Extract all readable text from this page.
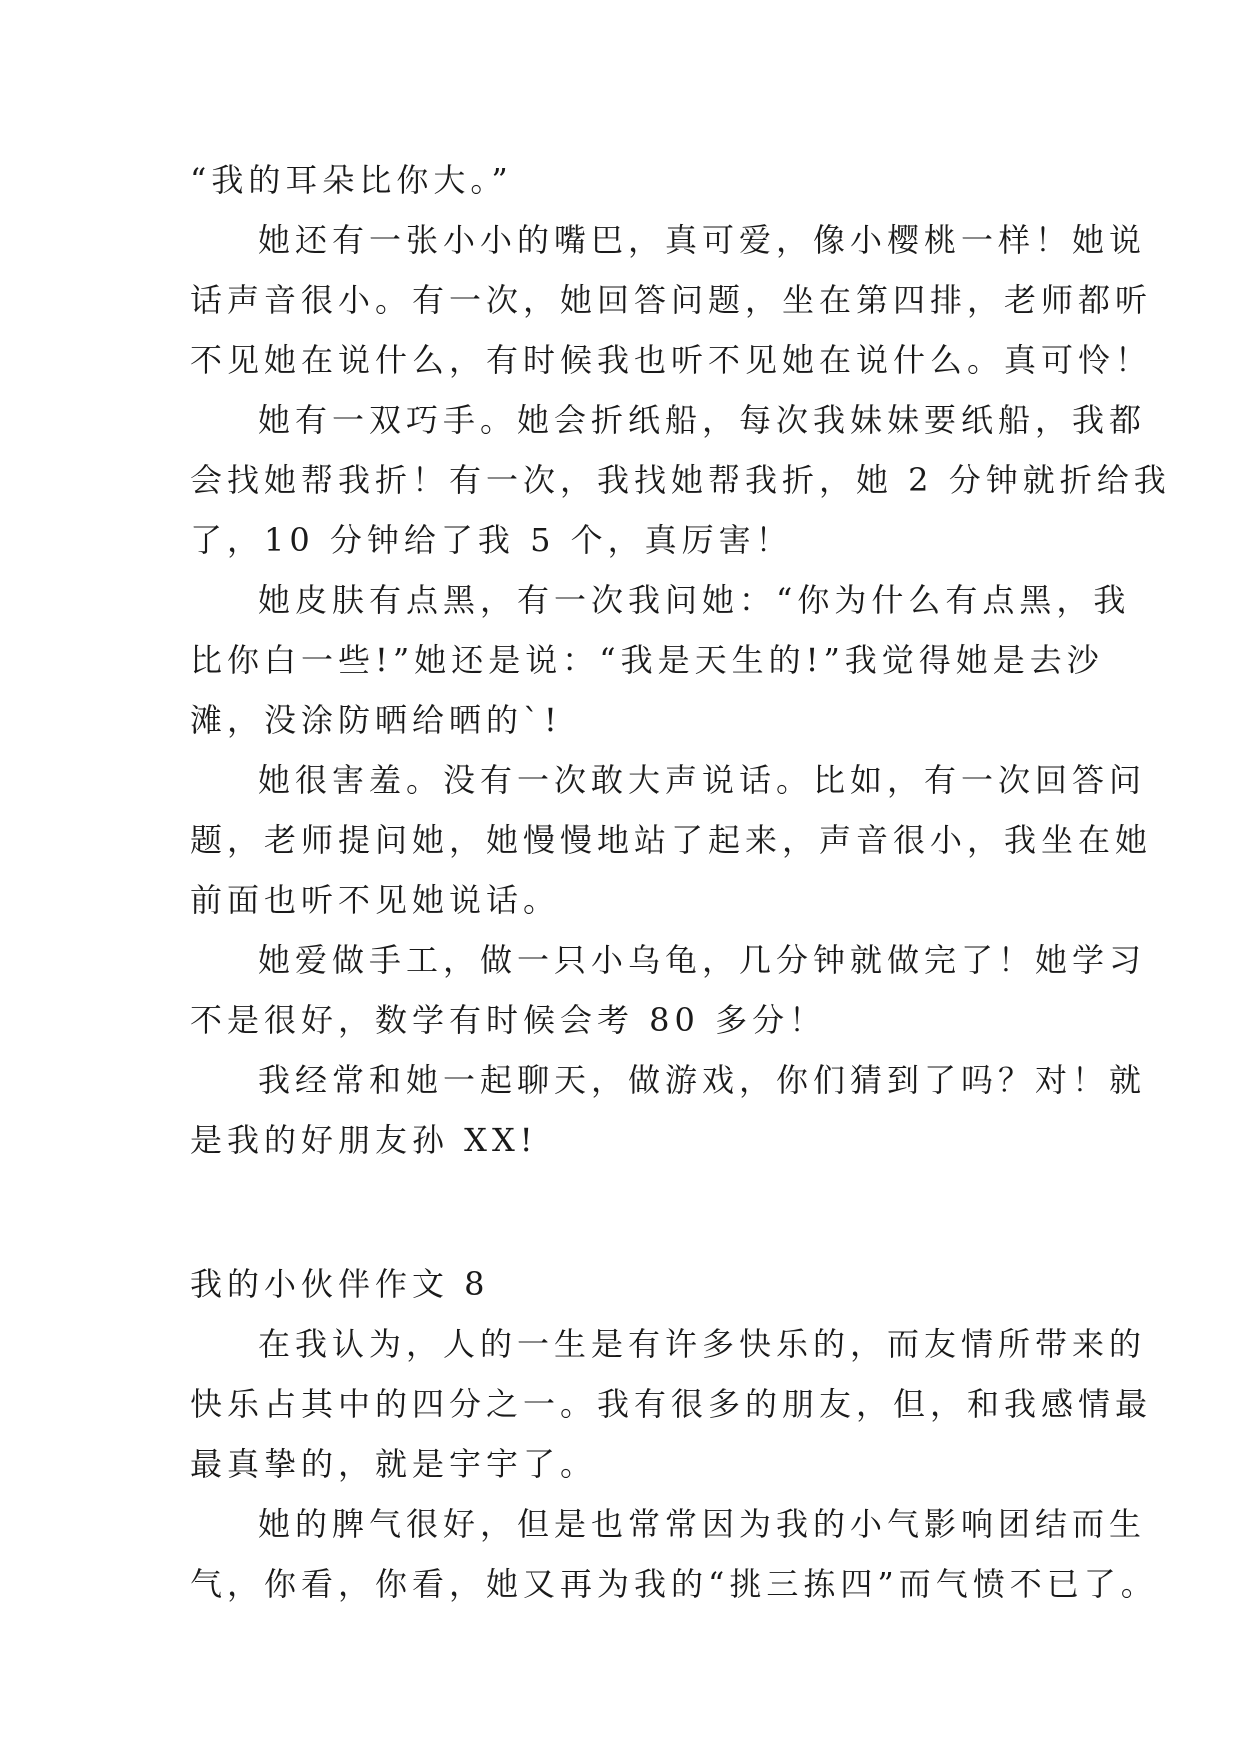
“我的耳朵比你大。”
她还有一张小小的嘴巴，真可爱，像小樱桃一样！她说
话声音很小。有一次，她回答问题，坐在第四排，老师都听
不见她在说什么，有时候我也听不见她在说什么。真可怜！
她有一双巧手。她会折纸船，每次我妹妹要纸船，我都
会找她帮我折！有一次，我找她帮我折，她 2 分钟就折给我
了，10 分钟给了我 5 个，真厉害！
她皮肤有点黑，有一次我问她：“你为什么有点黑，我
比你白一些!”她还是说：“我是天生的!”我觉得她是去沙
滩，没涂防晒给晒的`!
她很害羞。没有一次敢大声说话。比如，有一次回答问
题，老师提问她，她慢慢地站了起来，声音很小，我坐在她
前面也听不见她说话。
她爱做手工，做一只小乌龟，几分钟就做完了！她学习
不是很好，数学有时候会考 80 多分！
我经常和她一起聊天，做游戏，你们猜到了吗？对！就
是我的好朋友孙 XX!
我的小伙伴作文 8
在我认为，人的一生是有许多快乐的，而友情所带来的
快乐占其中的四分之一。我有很多的朋友，但，和我感情最
最真挚的，就是宇宇了。
她的脾气很好，但是也常常因为我的小气影响团结而生
气，你看，你看，她又再为我的“挑三拣四”而气愤不已了。
